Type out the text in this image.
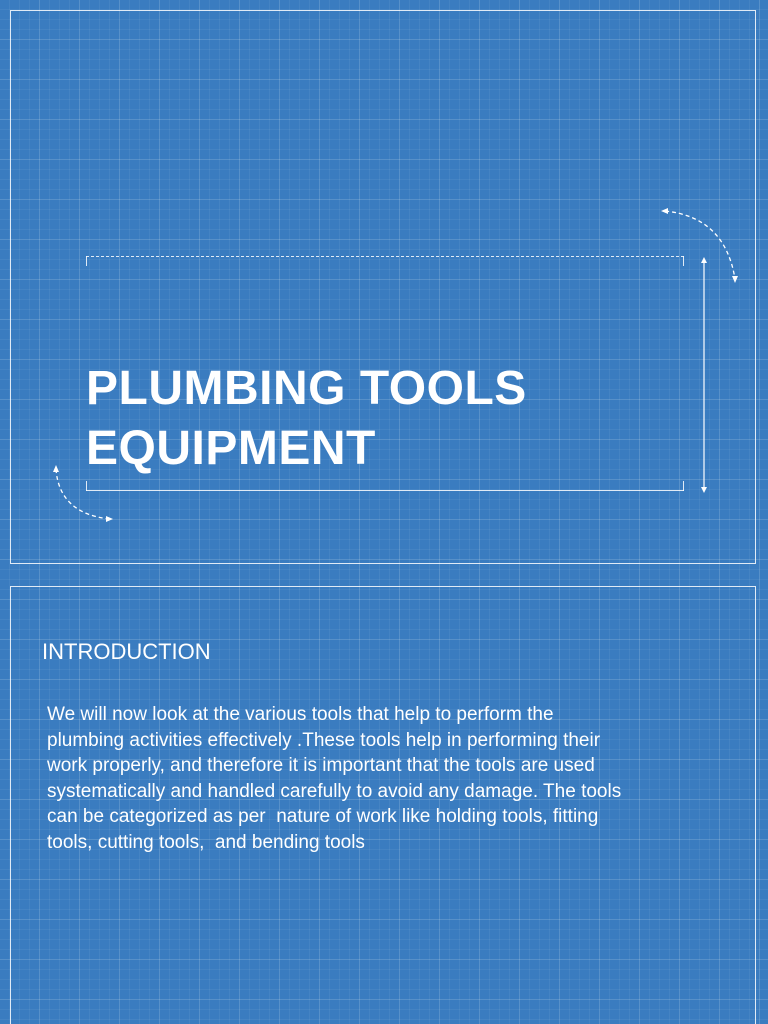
PLUMBING TOOLS
EQUIPMENT
INTRODUCTION

We will now look at the various tools that help to perform the
plumbing activities effectively .These tools help in performing their
work properly, and therefore it is important that the tools are used
systematically and handled carefully to avoid any damage. The tools
can be categorized as per  nature of work like holding tools, fitting
tools, cutting tools,  and bending tools
